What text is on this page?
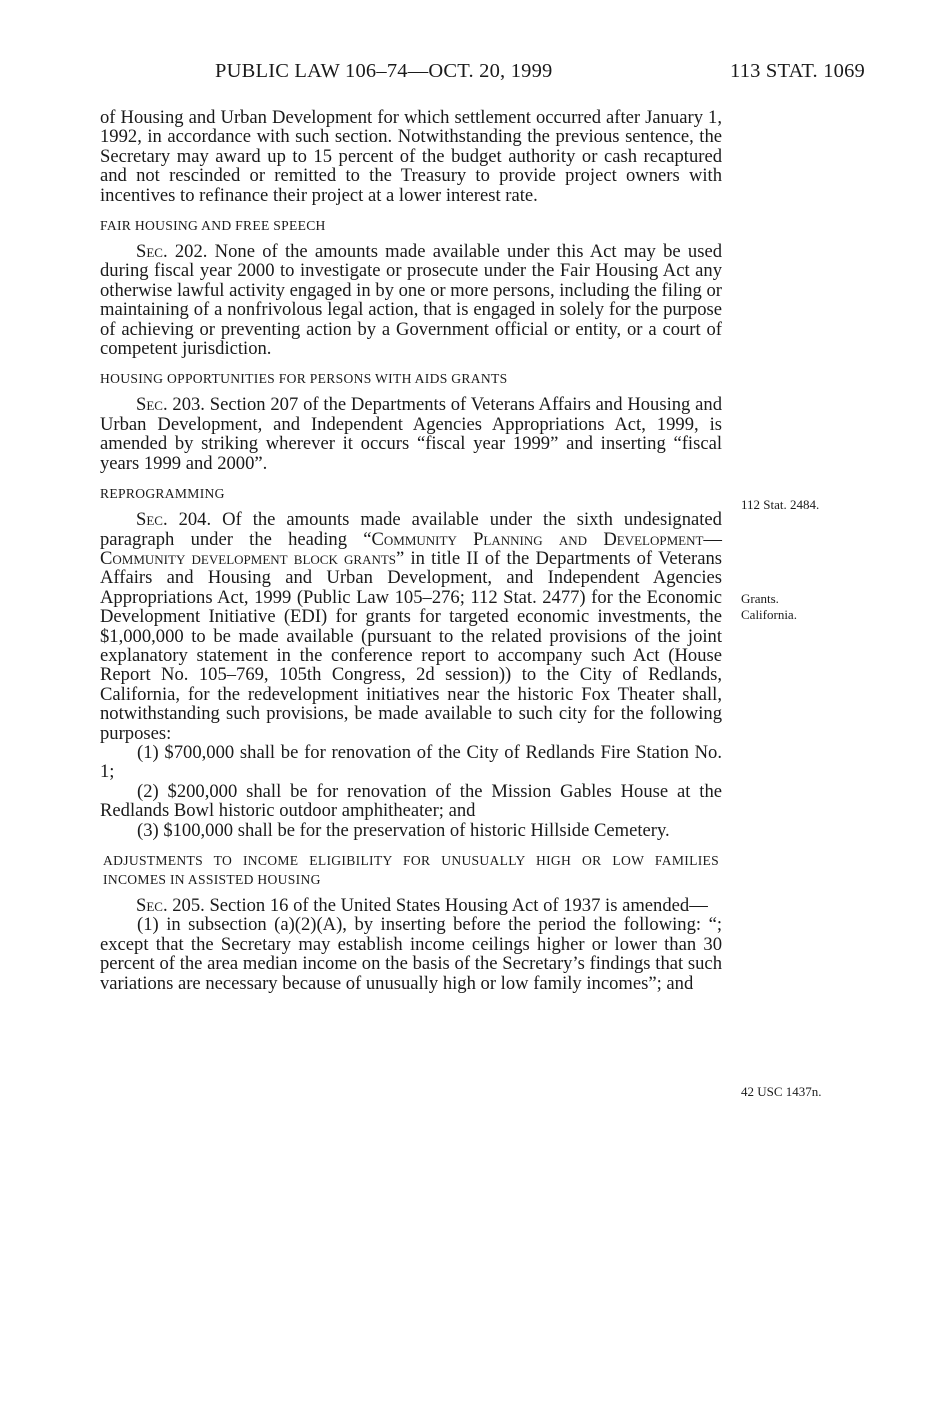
PUBLIC LAW 106–74—OCT. 20, 1999	113 STAT. 1069

of Housing and Urban Development for which settlement occurred after January 1, 1992, in accordance with such section. Notwithstanding the previous sentence, the Secretary may award up to 15 percent of the budget authority or cash recaptured and not rescinded or remitted to the Treasury to provide project owners with incentives to refinance their project at a lower interest rate.

FAIR HOUSING AND FREE SPEECH

Sec. 202. None of the amounts made available under this Act may be used during fiscal year 2000 to investigate or prosecute under the Fair Housing Act any otherwise lawful activity engaged in by one or more persons, including the filing or maintaining of a nonfrivolous legal action, that is engaged in solely for the purpose of achieving or preventing action by a Government official or entity, or a court of competent jurisdiction.

HOUSING OPPORTUNITIES FOR PERSONS WITH AIDS GRANTS

Sec. 203. Section 207 of the Departments of Veterans Affairs and Housing and Urban Development, and Independent Agencies Appropriations Act, 1999, is amended by striking wherever it occurs “fiscal year 1999” and inserting “fiscal years 1999 and 2000”.

REPROGRAMMING

Sec. 204. Of the amounts made available under the sixth undesignated paragraph under the heading “Community Planning and Development—Community development block grants” in title II of the Departments of Veterans Affairs and Housing and Urban Development, and Independent Agencies Appropriations Act, 1999 (Public Law 105–276; 112 Stat. 2477) for the Economic Development Initiative (EDI) for grants for targeted economic investments, the $1,000,000 to be made available (pursuant to the related provisions of the joint explanatory statement in the conference report to accompany such Act (House Report No. 105–769, 105th Congress, 2d session)) to the City of Redlands, California, for the redevelopment initiatives near the historic Fox Theater shall, notwithstanding such provisions, be made available to such city for the following purposes:

(1) $700,000 shall be for renovation of the City of Redlands Fire Station No. 1;

(2) $200,000 shall be for renovation of the Mission Gables House at the Redlands Bowl historic outdoor amphitheater; and

(3) $100,000 shall be for the preservation of historic Hillside Cemetery.

ADJUSTMENTS TO INCOME ELIGIBILITY FOR UNUSUALLY HIGH OR LOW FAMILIES INCOMES IN ASSISTED HOUSING

Sec. 205. Section 16 of the United States Housing Act of 1937 is amended—

(1) in subsection (a)(2)(A), by inserting before the period the following: “; except that the Secretary may establish income ceilings higher or lower than 30 percent of the area median income on the basis of the Secretary’s findings that such variations are necessary because of unusually high or low family incomes”; and

112 Stat. 2484.
Grants.
California.
42 USC 1437n.
